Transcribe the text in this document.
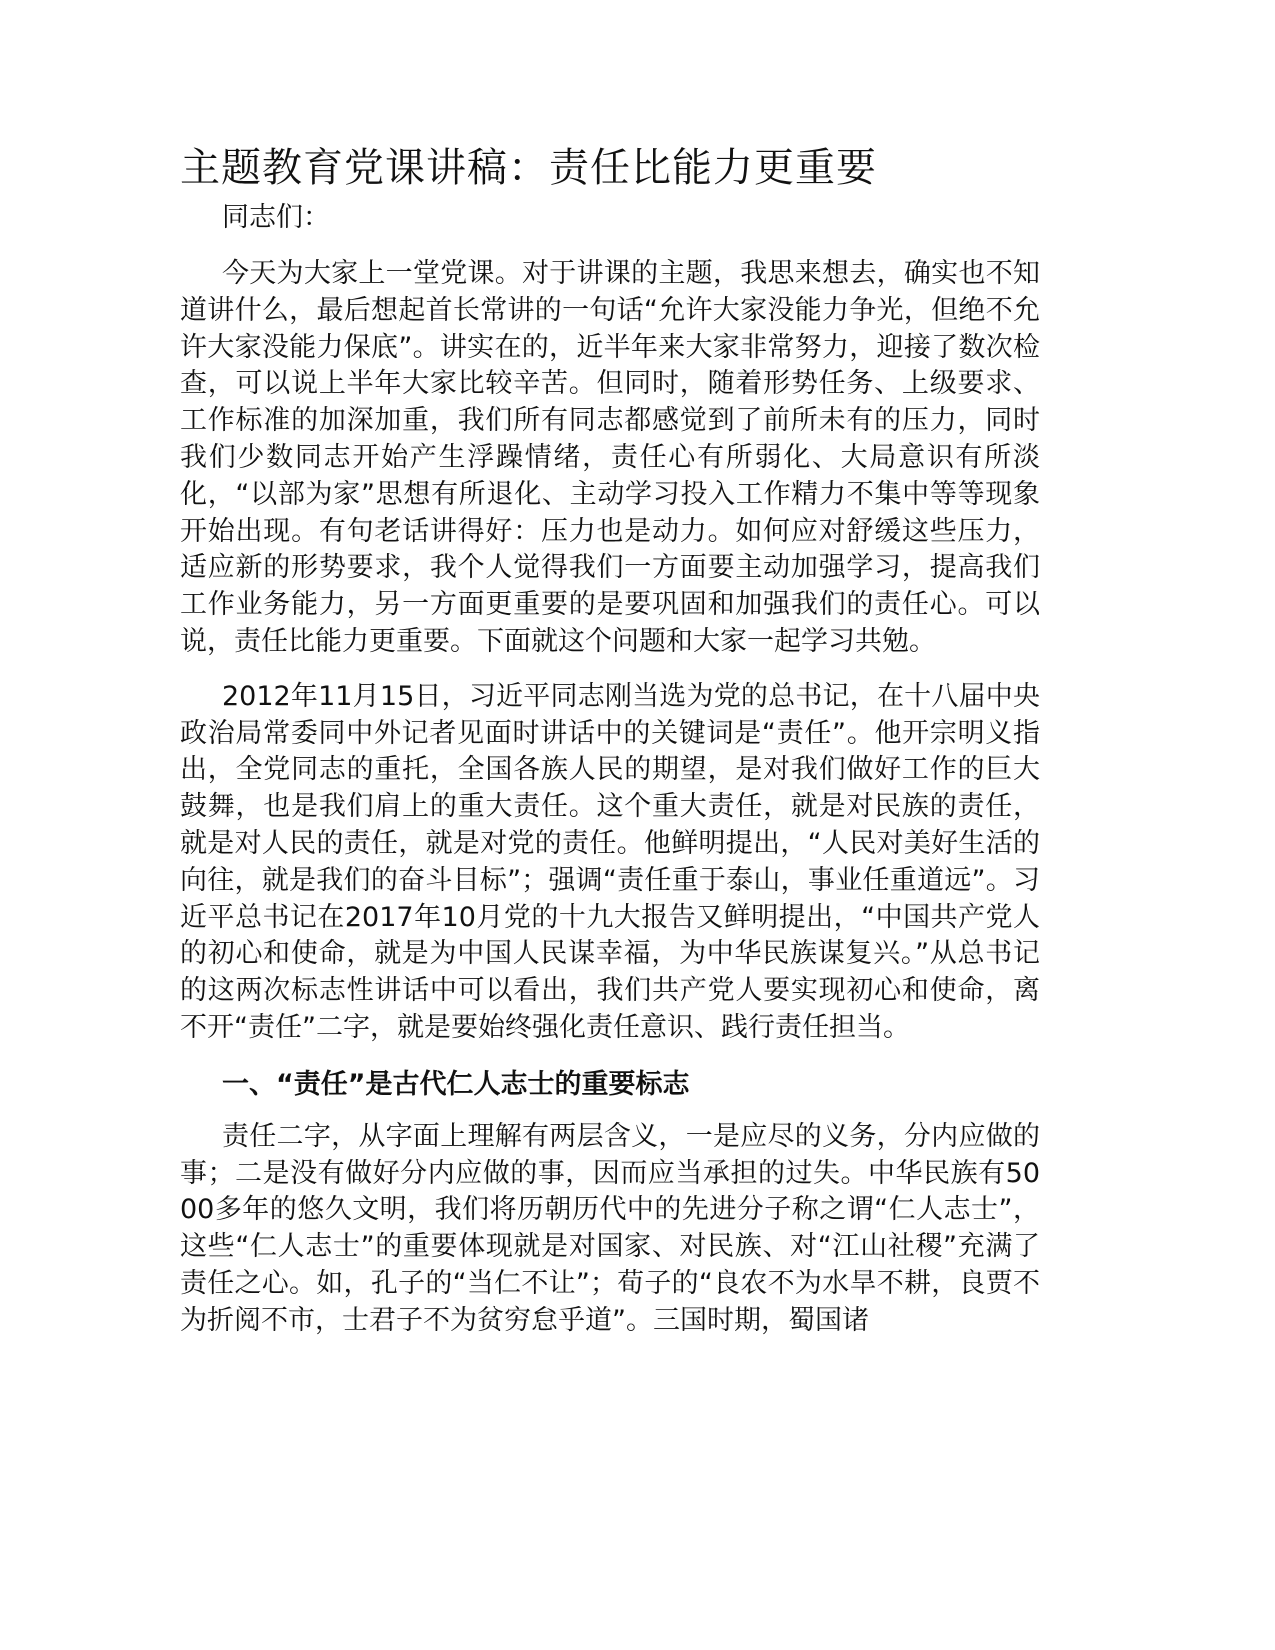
主题教育党课讲稿：责任比能力更重要

同志们：

今天为大家上一堂党课。对于讲课的主题，我思来想去，确实也不知道讲什么，最后想起首长常讲的一句话“允许大家没能力争光，但绝不允许大家没能力保底”。讲实在的，近半年来大家非常努力，迎接了数次检查，可以说上半年大家比较辛苦。但同时，随着形势任务、上级要求、工作标准的加深加重，我们所有同志都感觉到了前所未有的压力，同时我们少数同志开始产生浮躁情绪，责任心有所弱化、大局意识有所淡化，“以部为家”思想有所退化、主动学习投入工作精力不集中等等现象开始出现。有句老话讲得好：压力也是动力。如何应对舒缓这些压力，适应新的形势要求，我个人觉得我们一方面要主动加强学习，提高我们工作业务能力，另一方面更重要的是要巩固和加强我们的责任心。可以说，责任比能力更重要。下面就这个问题和大家一起学习共勉。

2012年11月15日，习近平同志刚当选为党的总书记，在十八届中央政治局常委同中外记者见面时讲话中的关键词是“责任”。他开宗明义指出，全党同志的重托，全国各族人民的期望，是对我们做好工作的巨大鼓舞，也是我们肩上的重大责任。这个重大责任，就是对民族的责任，就是对人民的责任，就是对党的责任。他鲜明提出，“人民对美好生活的向往，就是我们的奋斗目标”；强调“责任重于泰山，事业任重道远”。习近平总书记在2017年10月党的十九大报告又鲜明提出，“中国共产党人的初心和使命，就是为中国人民谋幸福，为中华民族谋复兴。”从总书记的这两次标志性讲话中可以看出，我们共产党人要实现初心和使命，离不开“责任”二字，就是要始终强化责任意识、践行责任担当。

一、“责任”是古代仁人志士的重要标志

责任二字，从字面上理解有两层含义，一是应尽的义务，分内应做的事；二是没有做好分内应做的事，因而应当承担的过失。中华民族有5000多年的悠久文明，我们将历朝历代中的先进分子称之谓“仁人志士”，这些“仁人志士”的重要体现就是对国家、对民族、对“江山社稷”充满了责任之心。如，孔子的“当仁不让”；荀子的“良农不为水旱不耕，良贾不为折阅不市，士君子不为贫穷怠乎道”。三国时期，蜀国诸
